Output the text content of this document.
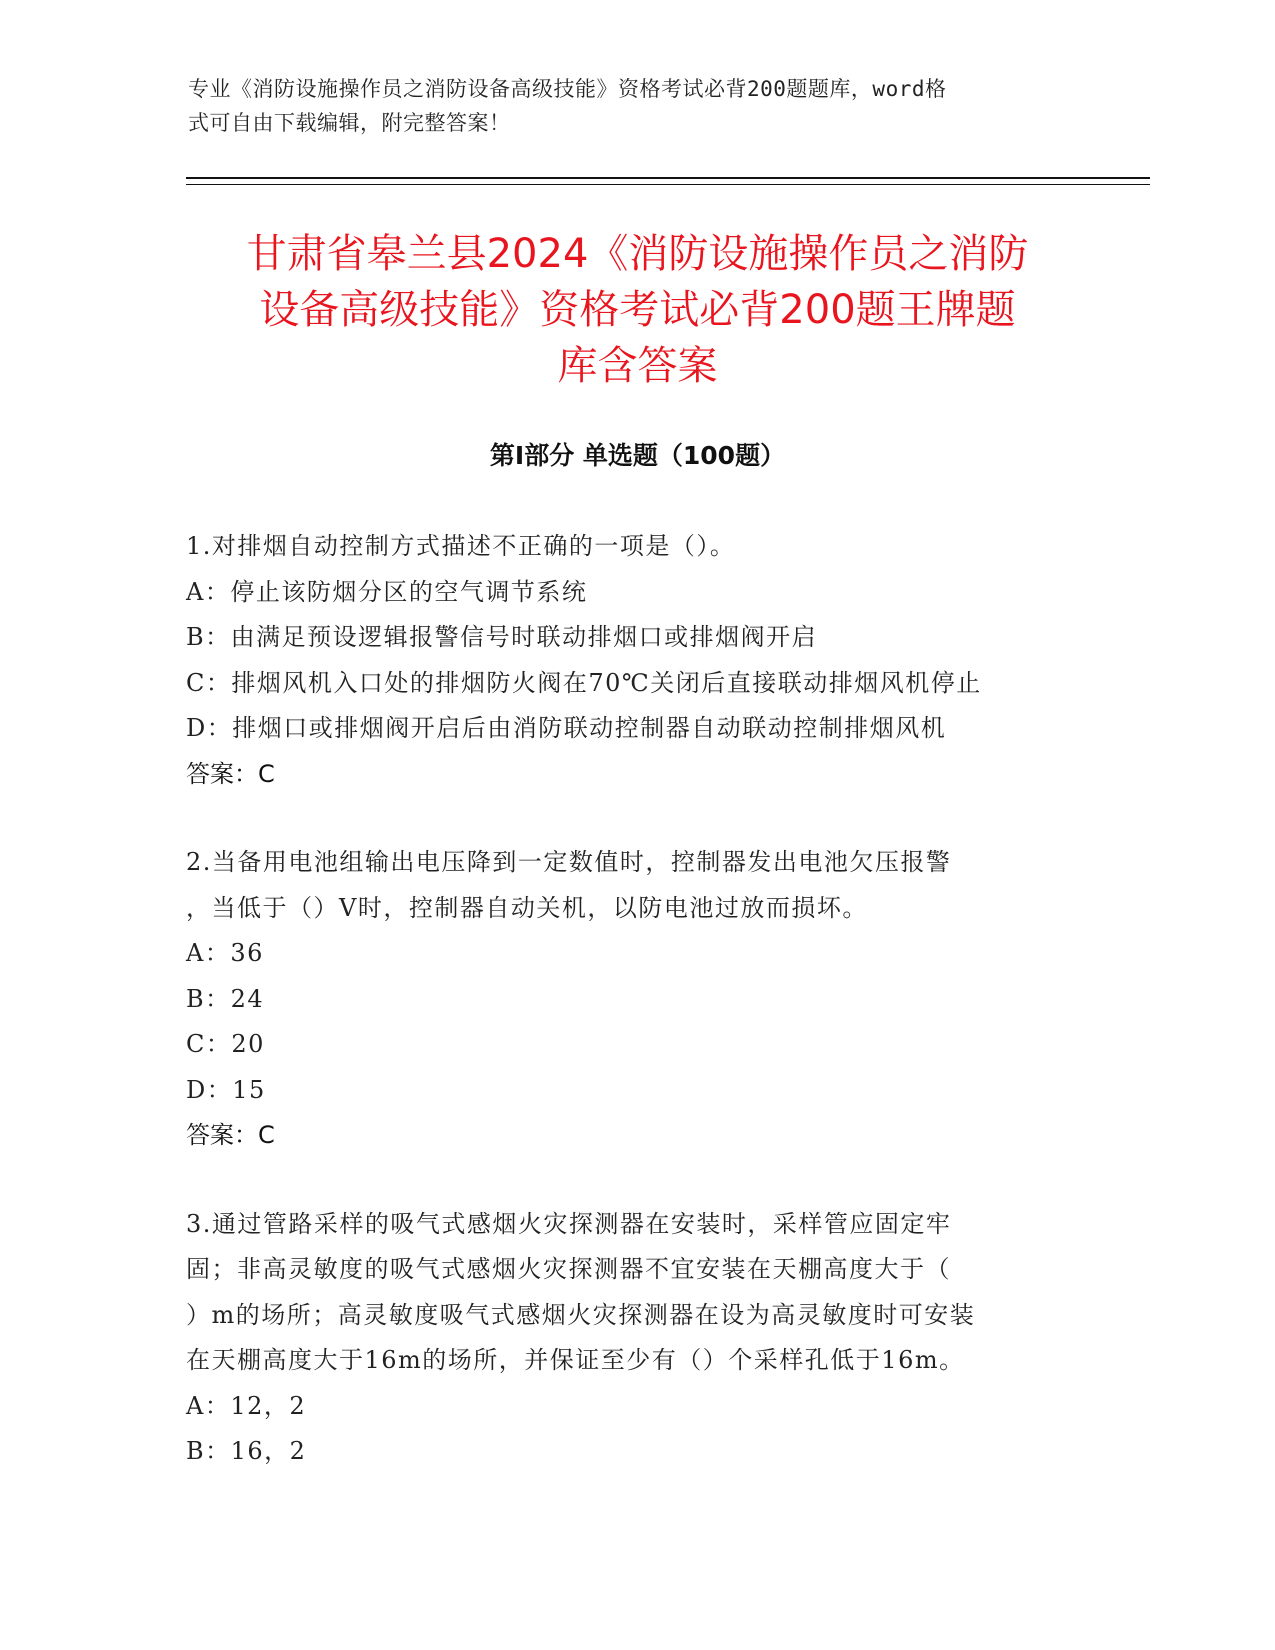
专业《消防设施操作员之消防设备高级技能》资格考试必背200题题库，word格
式可自由下载编辑，附完整答案！
甘肃省皋兰县2024《消防设施操作员之消防
设备高级技能》资格考试必背200题王牌题
库含答案
第Ⅰ部分 单选题（100题）
1.对排烟自动控制方式描述不正确的一项是（）。
A：停止该防烟分区的空气调节系统
B：由满足预设逻辑报警信号时联动排烟口或排烟阀开启
C：排烟风机入口处的排烟防火阀在70℃关闭后直接联动排烟风机停止
D：排烟口或排烟阀开启后由消防联动控制器自动联动控制排烟风机
答案：C
2.当备用电池组输出电压降到一定数值时，控制器发出电池欠压报警
，当低于（）V时，控制器自动关机，以防电池过放而损坏。
A：36
B：24
C：20
D：15
答案：C
3.通过管路采样的吸气式感烟火灾探测器在安装时，采样管应固定牢
固；非高灵敏度的吸气式感烟火灾探测器不宜安装在天棚高度大于（
）m的场所；高灵敏度吸气式感烟火灾探测器在设为高灵敏度时可安装
在天棚高度大于16m的场所，并保证至少有（）个采样孔低于16m。
A：12，2
B：16，2
